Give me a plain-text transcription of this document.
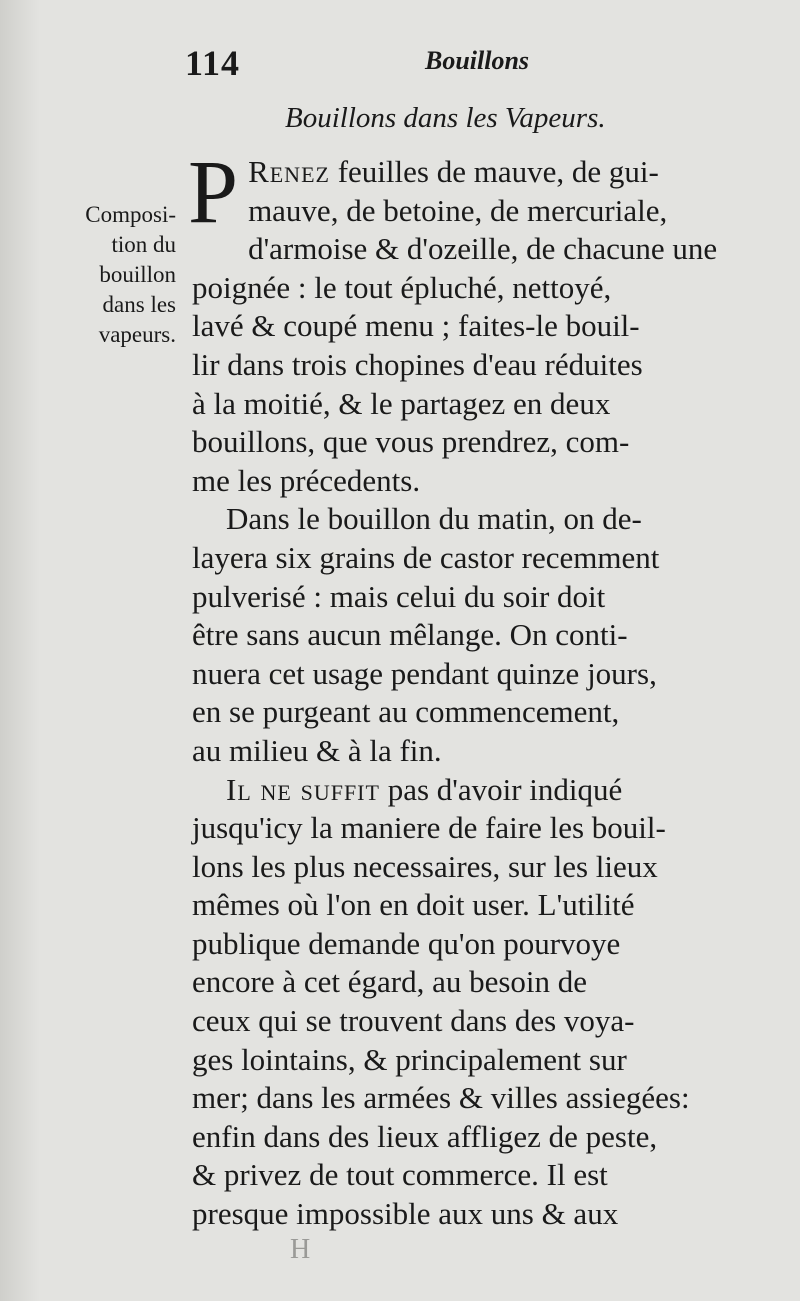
114	Bouillons
Bouillons dans les Vapeurs.
Composi-
tion du
bouillon
dans les
vapeurs.
P Renez feuilles de mauve, de gui-
mauve, de betoine, de mercuriale,
d'armoise & d'ozeille, de chacune une
poignée : le tout épluché, nettoyé,
lavé & coupé menu ; faites-le bouil-
lir dans trois chopines d'eau réduites
à la moitié, & le partagez en deux
bouillons, que vous prendrez, com-
me les précedents.
Dans le bouillon du matin, on de-
layera six grains de castor recemment
pulverisé : mais celui du soir doit
être sans aucun mêlange. On conti-
nuera cet usage pendant quinze jours,
en se purgeant au commencement,
au milieu & à la fin.
Il ne suffit pas d'avoir indiqué
jusqu'icy la maniere de faire les bouil-
lons les plus necessaires, sur les lieux
mêmes où l'on en doit user. L'utilité
publique demande qu'on pourvoye
encore à cet égard, au besoin de
ceux qui se trouvent dans des voya-
ges lointains, & principalement sur
mer; dans les armées & villes assiegées:
enfin dans des lieux affligez de peste,
& privez de tout commerce. Il est
presque impossible aux uns & aux
H
